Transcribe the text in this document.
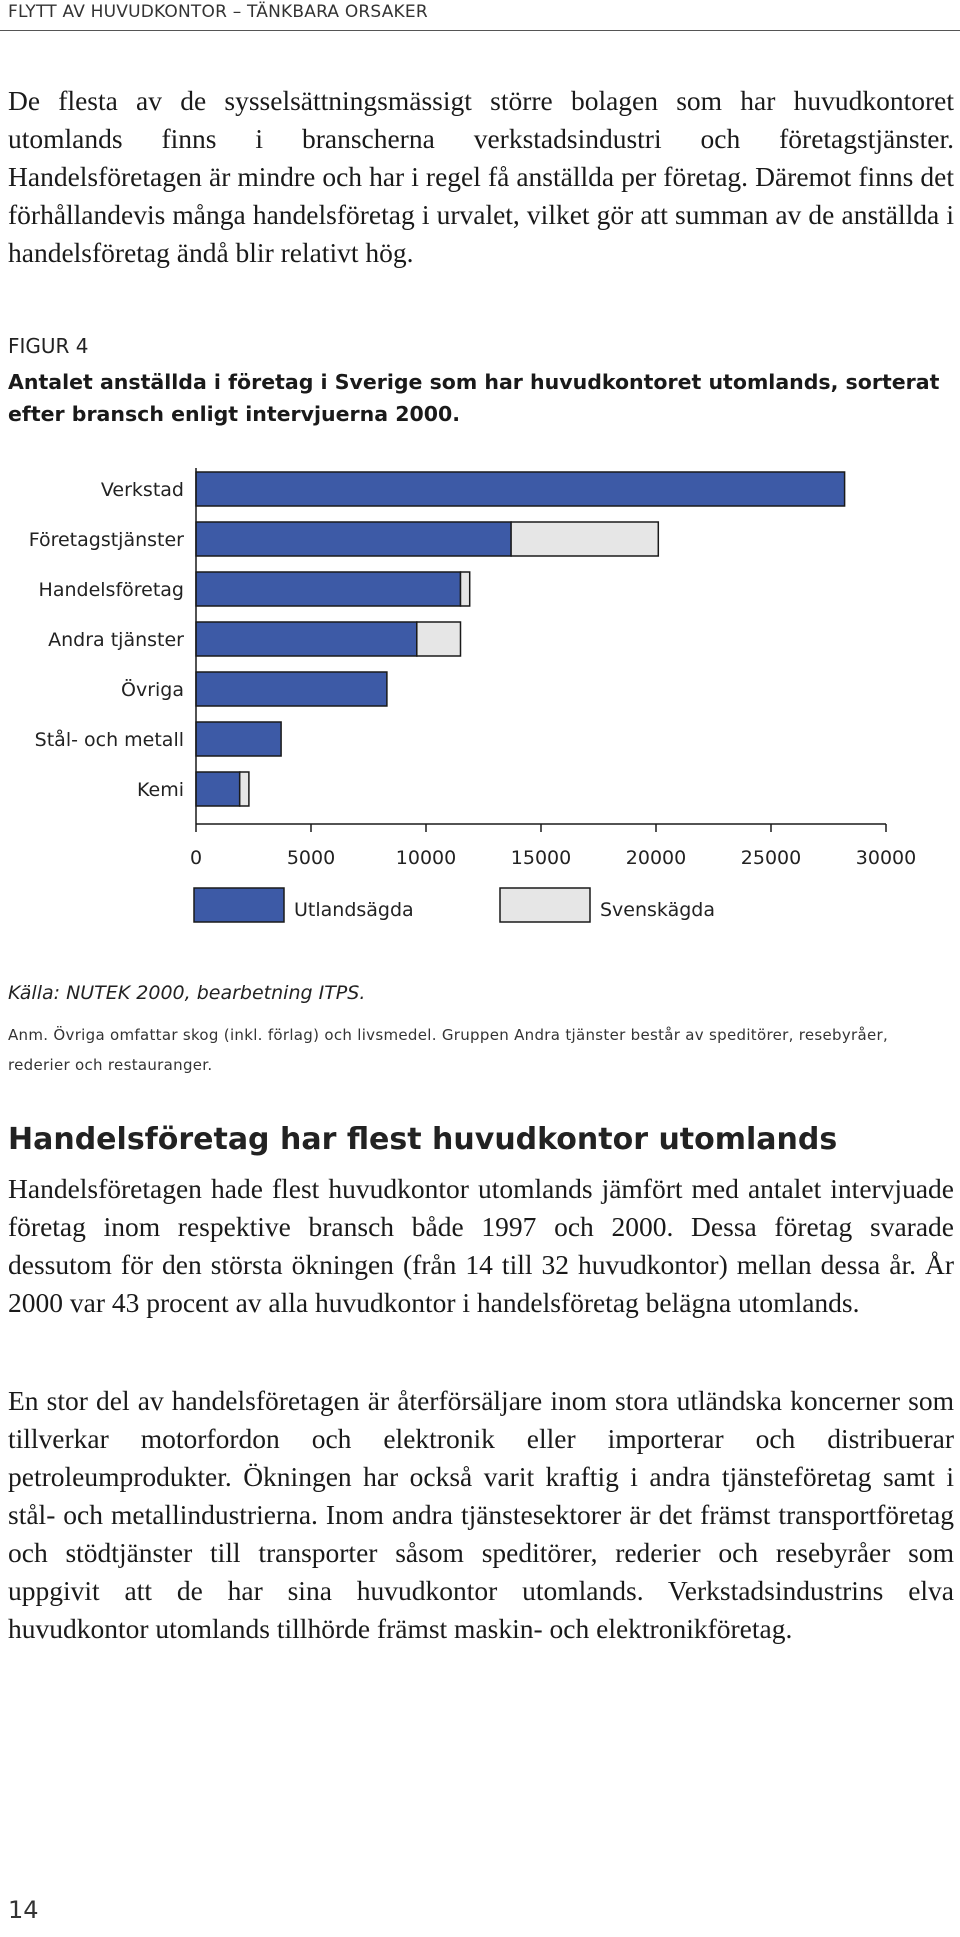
FLYTT AV HUVUDKONTOR – TÄNKBARA ORSAKER

De flesta av de sysselsättningsmässigt större bolagen som har huvudkontoret utomlands finns i branscherna verkstadsindustri och företagstjänster. Handelsföretagen är mindre och har i regel få anställda per företag. Däremot finns det förhållandevis många handelsföretag i urvalet, vilket gör att summan av de anställda i handelsföretag ändå blir relativt hög.

FIGUR 4

Antalet anställda i företag i Sverige som har huvudkontoret utomlands, sorterat efter bransch enligt intervjuerna 2000.

Verkstad
Företagstjänster
Handelsföretag
Andra tjänster
Övriga
Stål- och metall
Kemi
0	5000	10000	15000	20000	25000	30000
Utlandsägda	Svenskägda
Källa: NUTEK 2000, bearbetning ITPS.

Anm. Övriga omfattar skog (inkl. förlag) och livsmedel. Gruppen Andra tjänster består av speditörer, resebyråer, rederier och restauranger.

Handelsföretag har flest huvudkontor utomlands

Handelsföretagen hade flest huvudkontor utomlands jämfört med antalet intervjuade företag inom respektive bransch både 1997 och 2000. Dessa företag svarade dessutom för den största ökningen (från 14 till 32 huvudkontor) mellan dessa år. År 2000 var 43 procent av alla huvudkontor i handelsföretag belägna utomlands.

En stor del av handelsföretagen är återförsäljare inom stora utländska koncerner som tillverkar motorfordon och elektronik eller importerar och distribuerar petroleumprodukter. Ökningen har också varit kraftig i andra tjänsteföretag samt i stål- och metallindustrierna. Inom andra tjänstesektorer är det främst transportföretag och stödtjänster till transporter såsom speditörer, rederier och resebyråer som uppgivit att de har sina huvudkontor utomlands. Verkstadsindustrins elva huvudkontor utomlands tillhörde främst maskin- och elektronikföretag.

14
